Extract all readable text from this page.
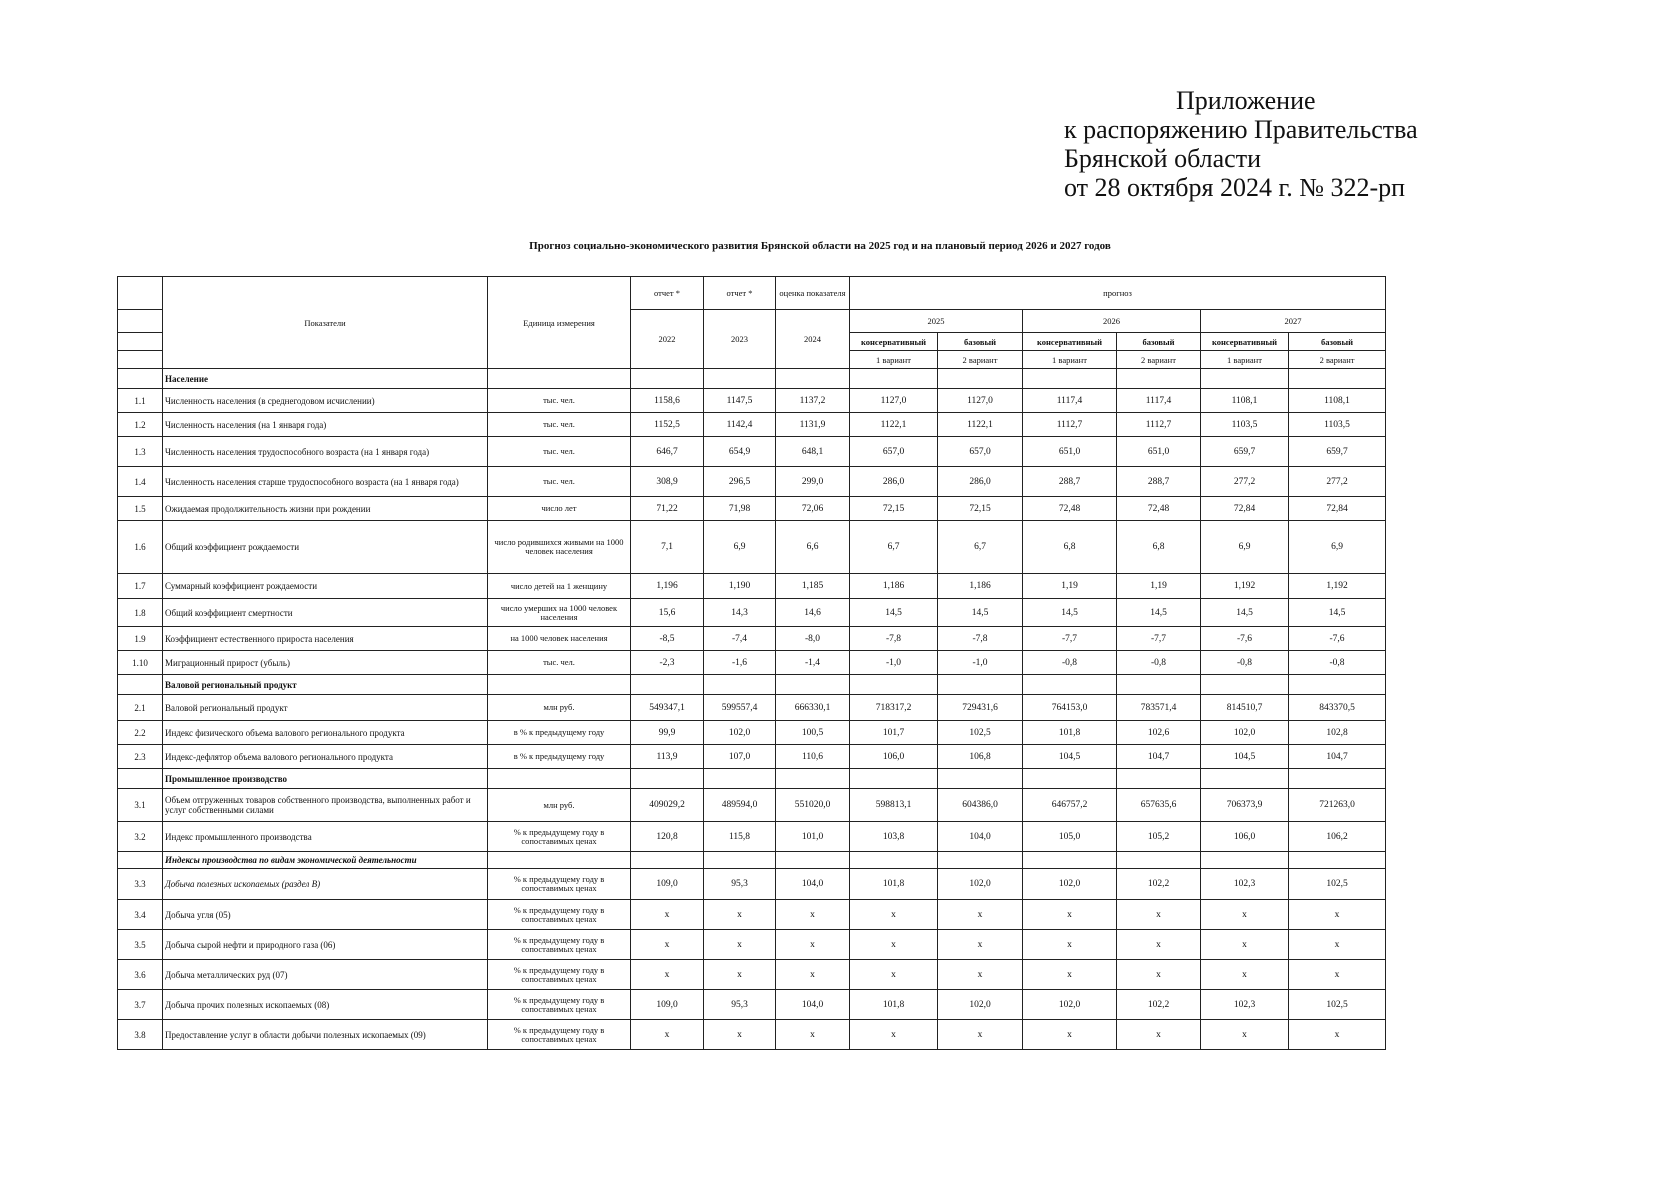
Приложение
к распоряжению Правительства
Брянской области
от 28 октября 2024 г. № 322-рп
Прогноз социально-экономического развития Брянской области на 2025 год и на плановый период 2026 и 2027 годов
	Показатели	Единица измерения	отчет *	отчет *	оценка показателя	прогноз					
			2022	2023	2024	2025		2026		2027	
						консервативный	базовый	консервативный	базовый	консервативный	базовый
						1 вариант	2 вариант	1 вариант	2 вариант	1 вариант	2 вариант
	Население										
1.1	Численность населения (в среднегодовом исчислении)	тыс. чел.	1158,6	1147,5	1137,2	1127,0	1127,0	1117,4	1117,4	1108,1	1108,1
1.2	Численность населения (на 1 января года)	тыс. чел.	1152,5	1142,4	1131,9	1122,1	1122,1	1112,7	1112,7	1103,5	1103,5
1.3	Численность населения трудоспособного возраста (на 1 января года)	тыс. чел.	646,7	654,9	648,1	657,0	657,0	651,0	651,0	659,7	659,7
1.4	Численность населения старше трудоспособного возраста (на 1 января года)	тыс. чел.	308,9	296,5	299,0	286,0	286,0	288,7	288,7	277,2	277,2
1.5	Ожидаемая продолжительность жизни при рождении	число лет	71,22	71,98	72,06	72,15	72,15	72,48	72,48	72,84	72,84
1.6	Общий коэффициент рождаемости	число родившихся живыми на 1000 человек населения	7,1	6,9	6,6	6,7	6,7	6,8	6,8	6,9	6,9
1.7	Суммарный коэффициент рождаемости	число детей на 1 женщину	1,196	1,190	1,185	1,186	1,186	1,19	1,19	1,192	1,192
1.8	Общий коэффициент смертности	число умерших на 1000 человек населения	15,6	14,3	14,6	14,5	14,5	14,5	14,5	14,5	14,5
1.9	Коэффициент естественного прироста населения	на 1000 человек населения	-8,5	-7,4	-8,0	-7,8	-7,8	-7,7	-7,7	-7,6	-7,6
1.10	Миграционный прирост (убыль)	тыс. чел.	-2,3	-1,6	-1,4	-1,0	-1,0	-0,8	-0,8	-0,8	-0,8
	Валовой региональный продукт										
2.1	Валовой региональный продукт	млн руб.	549347,1	599557,4	666330,1	718317,2	729431,6	764153,0	783571,4	814510,7	843370,5
2.2	Индекс физического объема валового регионального продукта	в % к предыдущему году	99,9	102,0	100,5	101,7	102,5	101,8	102,6	102,0	102,8
2.3	Индекс-дефлятор объема валового регионального продукта	в % к предыдущему году	113,9	107,0	110,6	106,0	106,8	104,5	104,7	104,5	104,7
	Промышленное производство										
3.1	Объем отгруженных товаров собственного производства, выполненных работ и услуг собственными силами	млн руб.	409029,2	489594,0	551020,0	598813,1	604386,0	646757,2	657635,6	706373,9	721263,0
3.2	Индекс промышленного производства	% к предыдущему году в сопоставимых ценах	120,8	115,8	101,0	103,8	104,0	105,0	105,2	106,0	106,2
	Индексы производства по видам экономической деятельности										
3.3	Добыча полезных ископаемых (раздел B)	% к предыдущему году в сопоставимых ценах	109,0	95,3	104,0	101,8	102,0	102,0	102,2	102,3	102,5
3.4	Добыча угля (05)	% к предыдущему году в сопоставимых ценах	x	x	x	x	x	x	x	x	x
3.5	Добыча сырой нефти и природного газа (06)	% к предыдущему году в сопоставимых ценах	x	x	x	x	x	x	x	x	x
3.6	Добыча металлических руд (07)	% к предыдущему году в сопоставимых ценах	x	x	x	x	x	x	x	x	x
3.7	Добыча прочих полезных ископаемых (08)	% к предыдущему году в сопоставимых ценах	109,0	95,3	104,0	101,8	102,0	102,0	102,2	102,3	102,5
3.8	Предоставление услуг в области добычи полезных ископаемых (09)	% к предыдущему году в сопоставимых ценах	x	x	x	x	x	x	x	x	x
